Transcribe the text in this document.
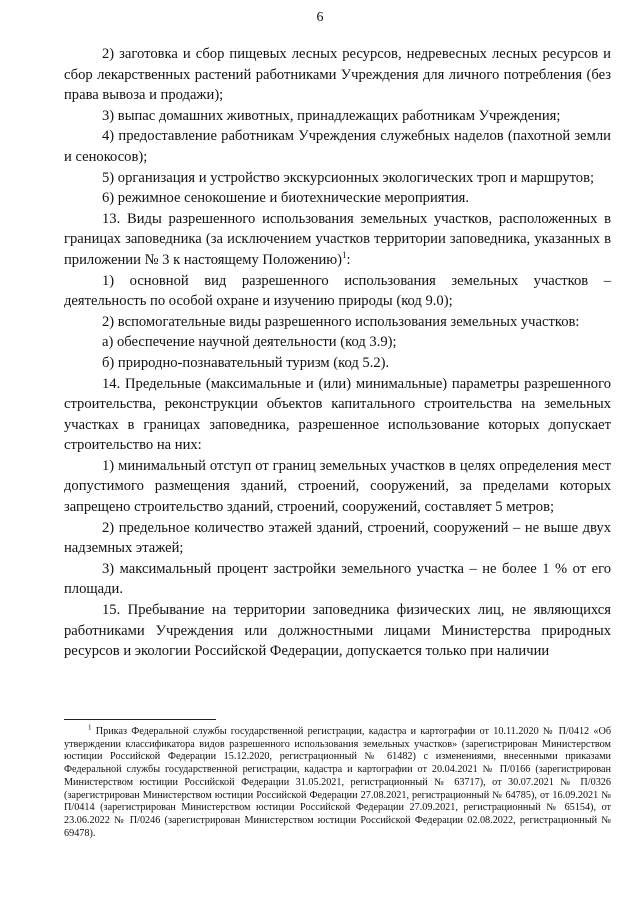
6

2) заготовка и сбор пищевых лесных ресурсов, недревесных лесных ресурсов и сбор лекарственных растений работниками Учреждения для личного потребления (без права вывоза и продажи);

3) выпас домашних животных, принадлежащих работникам Учреждения;

4) предоставление работникам Учреждения служебных наделов (пахотной земли и сенокосов);

5) организация и устройство экскурсионных экологических троп и маршрутов;

6) режимное сенокошение и биотехнические мероприятия.

13. Виды разрешенного использования земельных участков, расположенных в границах заповедника (за исключением участков территории заповедника, указанных в приложении № 3 к настоящему Положению)$^1$:

1) основной вид разрешенного использования земельных участков – деятельность по особой охране и изучению природы (код 9.0);

2) вспомогательные виды разрешенного использования земельных участков:

а) обеспечение научной деятельности (код 3.9);

б) природно-познавательный туризм (код 5.2).

14. Предельные (максимальные и (или) минимальные) параметры разрешенного строительства, реконструкции объектов капитального строительства на земельных участках в границах заповедника, разрешенное использование которых допускает строительство на них:

1) минимальный отступ от границ земельных участков в целях определения мест допустимого размещения зданий, строений, сооружений, за пределами которых запрещено строительство зданий, строений, сооружений, составляет 5 метров;

2) предельное количество этажей зданий, строений, сооружений – не выше двух надземных этажей;

3) максимальный процент застройки земельного участка – не более 1 % от его площади.

15. Пребывание на территории заповедника физических лиц, не являющихся работниками Учреждения или должностными лицами Министерства природных ресурсов и экологии Российской Федерации, допускается только при наличии

$^1$ Приказ Федеральной службы государственной регистрации, кадастра и картографии от 10.11.2020 № П/0412 «Об утверждении классификатора видов разрешенного использования земельных участков» (зарегистрирован Министерством юстиции Российской Федерации 15.12.2020, регистрационный № 61482) с изменениями, внесенными приказами Федеральной службы государственной регистрации, кадастра и картографии от 20.04.2021 № П/0166 (зарегистрирован Министерством юстиции Российской Федерации 31.05.2021, регистрационный № 63717), от 30.07.2021 № П/0326 (зарегистрирован Министерством юстиции Российской Федерации 27.08.2021, регистрационный № 64785), от 16.09.2021 № П/0414 (зарегистрирован Министерством юстиции Российской Федерации 27.09.2021, регистрационный № 65154), от 23.06.2022 № П/0246 (зарегистрирован Министерством юстиции Российской Федерации 02.08.2022, регистрационный № 69478).
